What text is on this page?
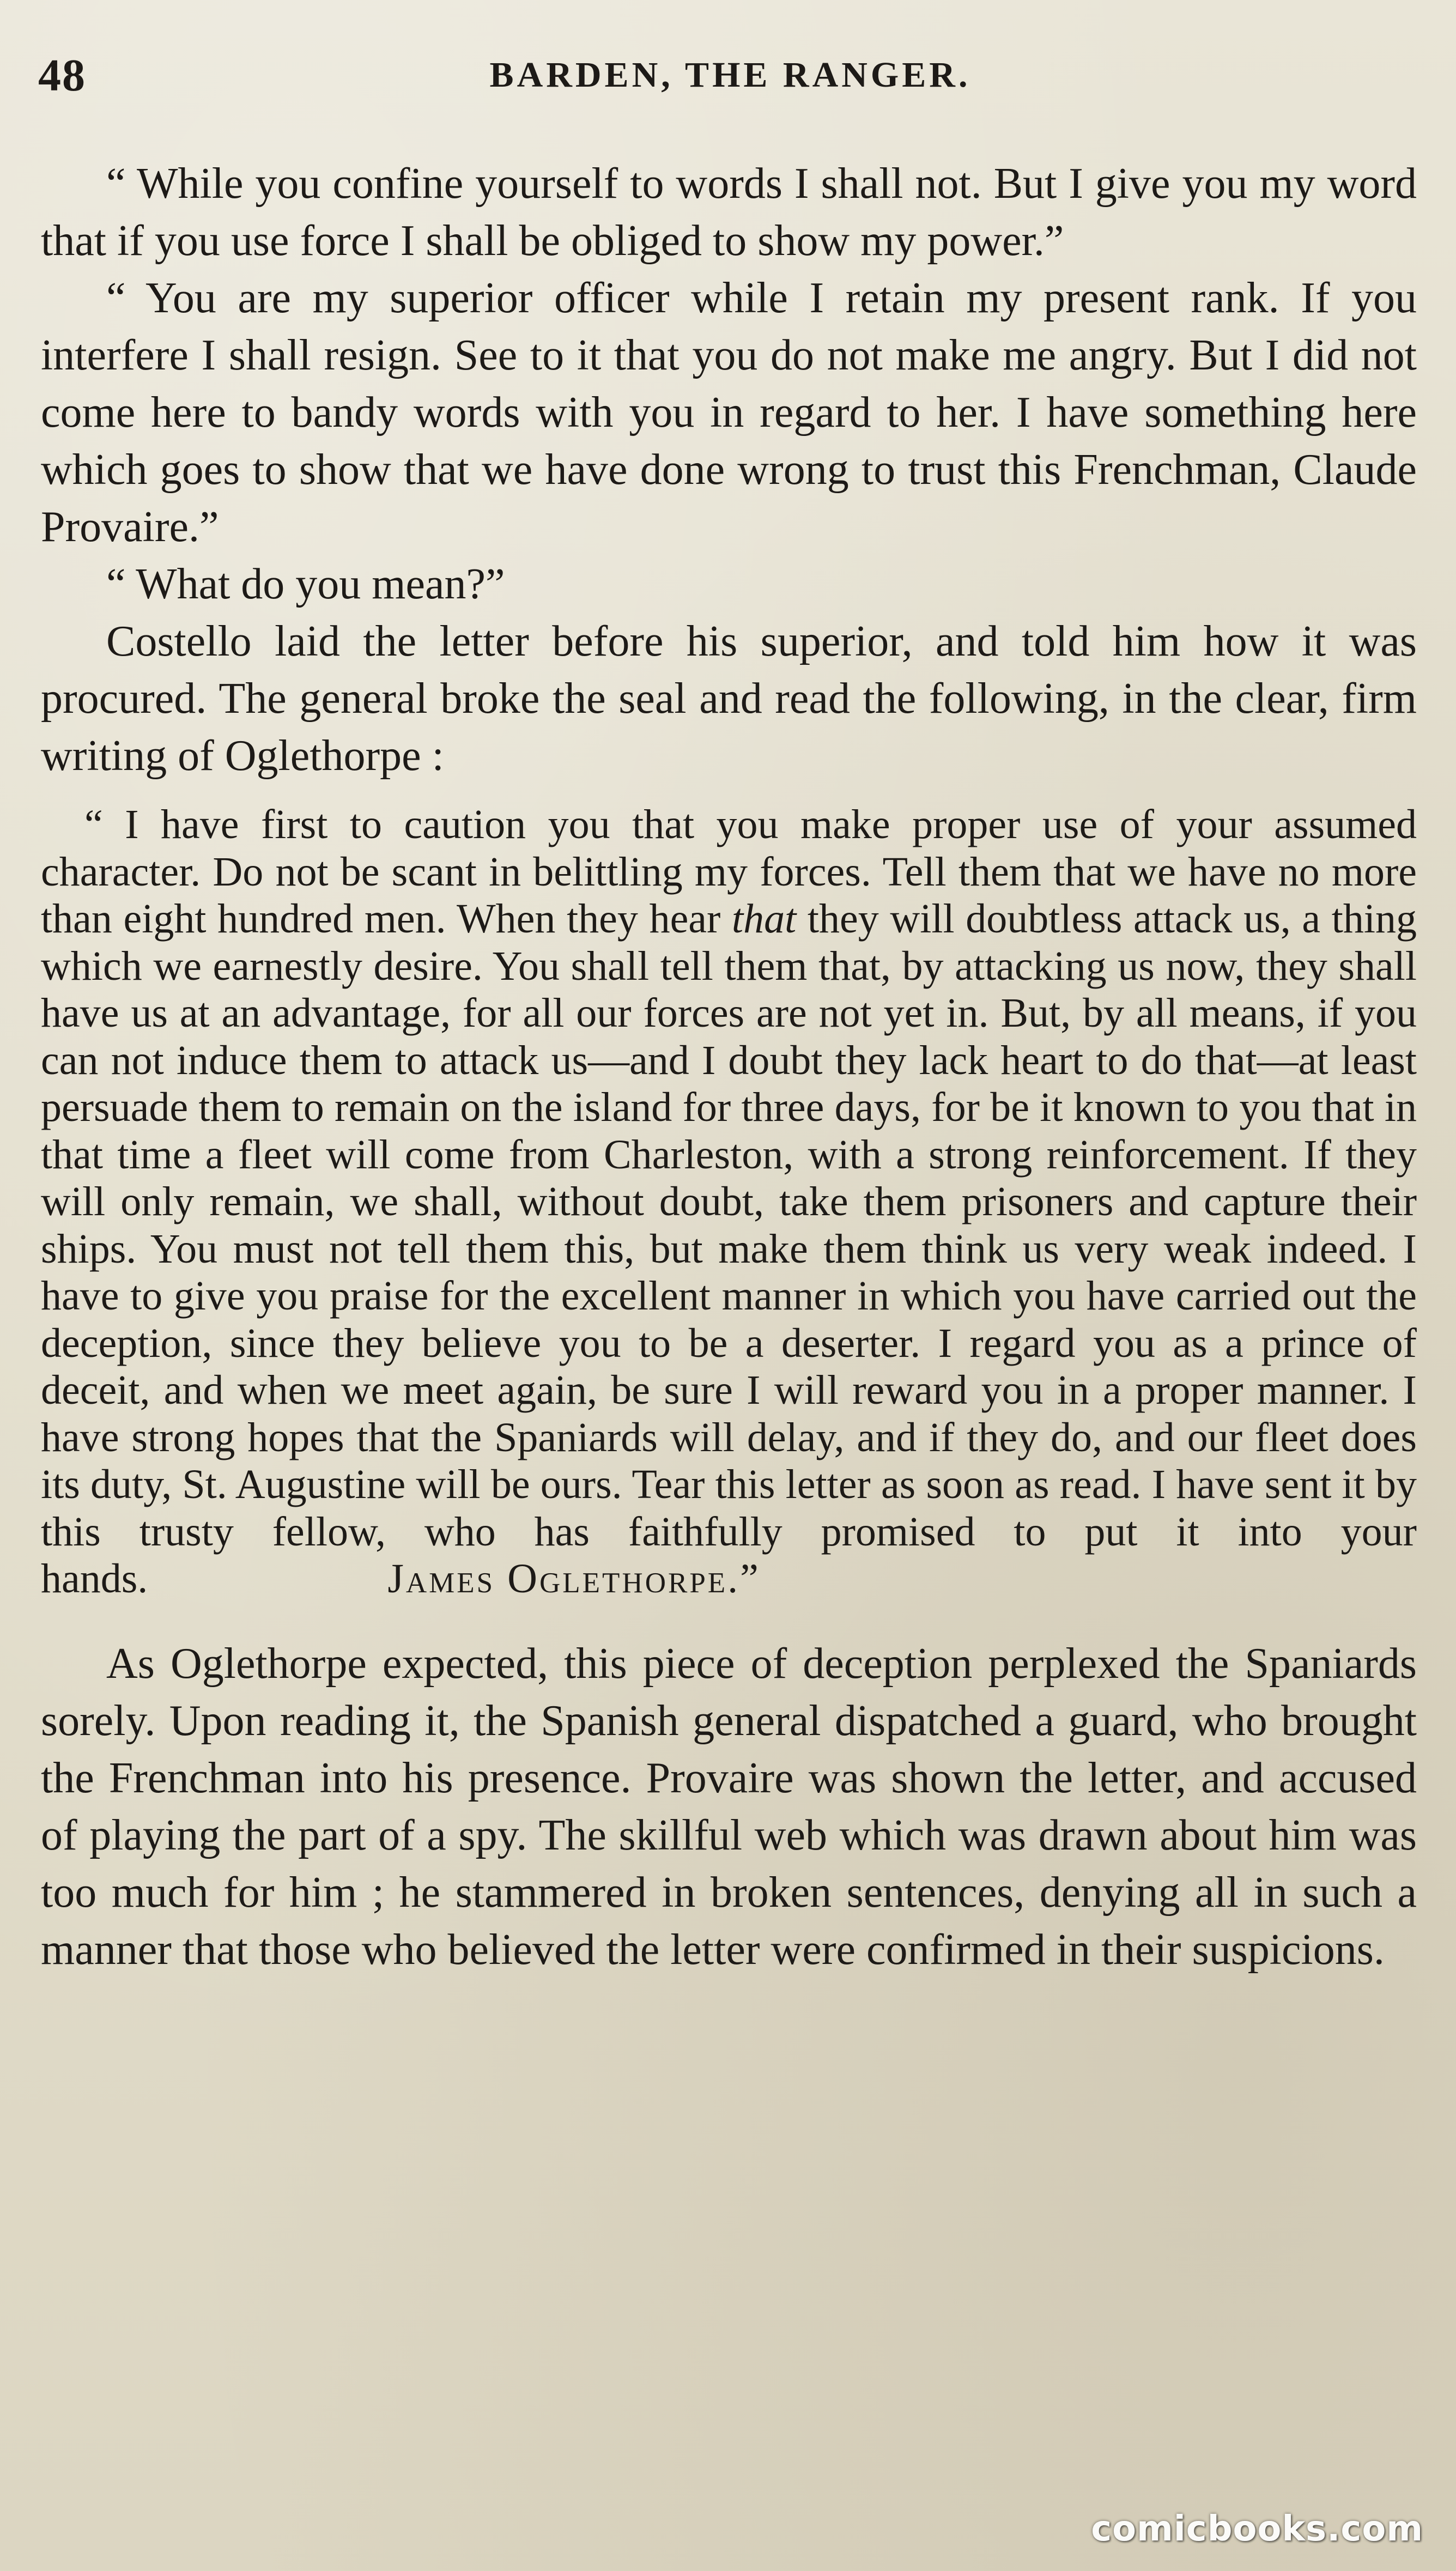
48	BARDEN, THE RANGER.

“ While you confine yourself to words I shall not. But I give you my word that if you use force I shall be obliged to show my power.”

“ You are my superior officer while I retain my present rank. If you interfere I shall resign. See to it that you do not make me angry. But I did not come here to bandy words with you in regard to her. I have something here which goes to show that we have done wrong to trust this Frenchman, Claude Provaire.”

“ What do you mean?”

Costello laid the letter before his superior, and told him how it was procured. The general broke the seal and read the following, in the clear, firm writing of Oglethorpe :

“ I have first to caution you that you make proper use of your assumed character. Do not be scant in belittling my forces. Tell them that we have no more than eight hundred men. When they hear that they will doubtless attack us, a thing which we earnestly desire. You shall tell them that, by attacking us now, they shall have us at an advantage, for all our forces are not yet in. But, by all means, if you can not induce them to attack us—and I doubt they lack heart to do that—at least persuade them to remain on the island for three days, for be it known to you that in that time a fleet will come from Charleston, with a strong reinforcement. If they will only remain, we shall, without doubt, take them prisoners and capture their ships. You must not tell them this, but make them think us very weak indeed. I have to give you praise for the excellent manner in which you have carried out the deception, since they believe you to be a deserter. I regard you as a prince of deceit, and when we meet again, be sure I will reward you in a proper manner. I have strong hopes that the Spaniards will delay, and if they do, and our fleet does its duty, St. Augustine will be ours. Tear this letter as soon as read. I have sent it by this trusty fellow, who has faithfully promised to put it into your hands.	James Oglethorpe.”

As Oglethorpe expected, this piece of deception perplexed the Spaniards sorely. Upon reading it, the Spanish general dispatched a guard, who brought the Frenchman into his presence. Provaire was shown the letter, and accused of playing the part of a spy. The skillful web which was drawn about him was too much for him ; he stammered in broken sentences, denying all in such a manner that those who believed the letter were confirmed in their suspicions.

comicbooks.com
